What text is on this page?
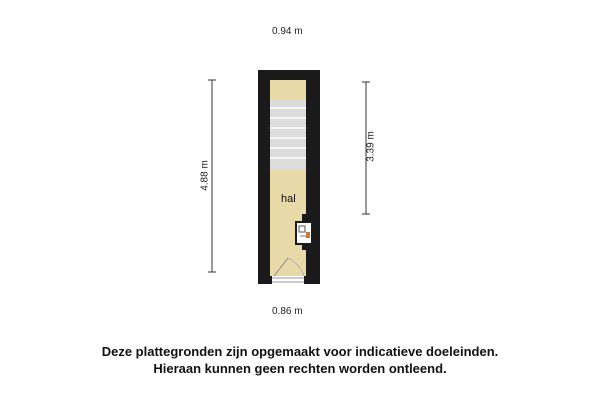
hal
0.94 m
0.86 m
4.88 m
3.39 m
Deze plattegronden zijn opgemaakt voor indicatieve doeleinden.
Hieraan kunnen geen rechten worden ontleend.
